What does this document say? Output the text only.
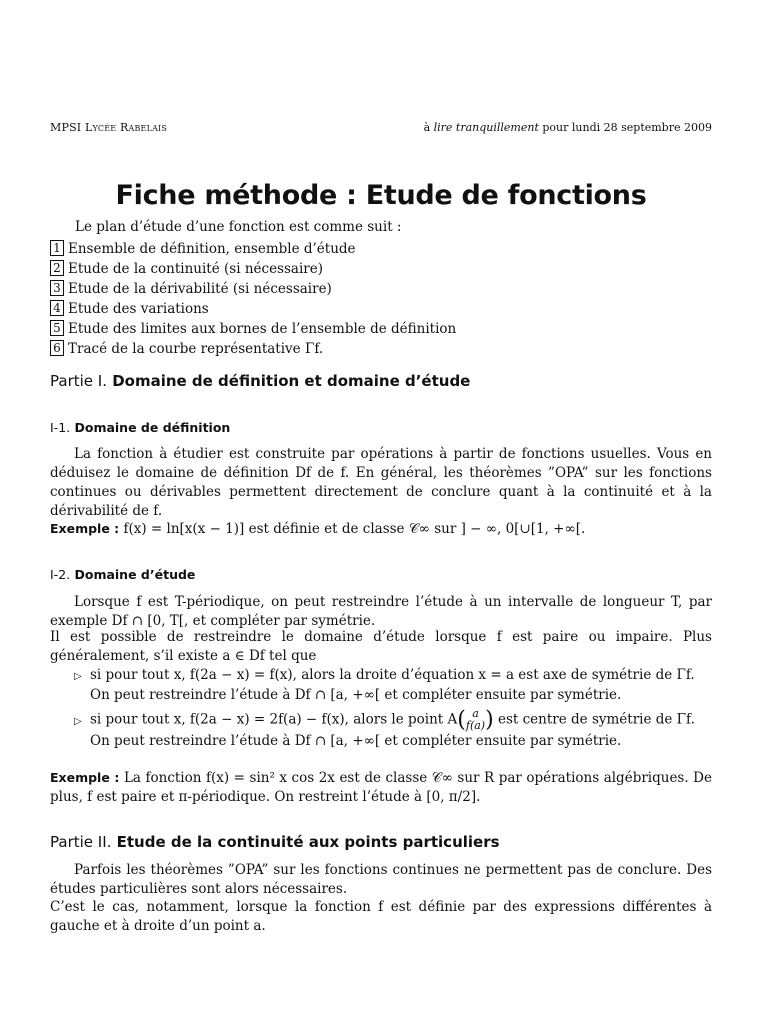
MPSI Lycée Rabelais	à lire tranquillement pour lundi 28 septembre 2009
Fiche méthode : Etude de fonctions
Le plan d’étude d’une fonction est comme suit :
1 Ensemble de définition, ensemble d’étude
2 Etude de la continuité (si nécessaire)
3 Etude de la dérivabilité (si nécessaire)
4 Etude des variations
5 Etude des limites aux bornes de l’ensemble de définition
6 Tracé de la courbe représentative Γf.
Partie I. Domaine de définition et domaine d’étude
I-1. Domaine de définition
La fonction à étudier est construite par opérations à partir de fonctions usuelles. Vous en déduisez le domaine de définition Df de f. En général, les théorèmes ”OPA” sur les fonctions continues ou dérivables permettent directement de conclure quant à la continuité et à la dérivabilité de f.
Exemple : f(x) = ln[x(x − 1)] est définie et de classe 𝒞∞ sur ] − ∞, 0[∪[1, +∞[.
I-2. Domaine d’étude
Lorsque f est T-périodique, on peut restreindre l’étude à un intervalle de longueur T, par exemple Df ∩ [0, T[, et compléter par symétrie.
Il est possible de restreindre le domaine d’étude lorsque f est paire ou impaire. Plus généralement, s’il existe a ∈ Df tel que
▷ si pour tout x, f(2a − x) = f(x), alors la droite d’équation x = a est axe de symétrie de Γf.
On peut restreindre l’étude à Df ∩ [a, +∞[ et compléter ensuite par symétrie.
▷ si pour tout x, f(2a − x) = 2f(a) − f(x), alors le point A( a
f(a)) est centre de symétrie de Γf.
On peut restreindre l’étude à Df ∩ [a, +∞[ et compléter ensuite par symétrie.
Exemple : La fonction f(x) = sin² x cos 2x est de classe 𝒞∞ sur R par opérations algébriques. De plus, f est paire et π-périodique. On restreint l’étude à [0, π/2].
Partie II. Etude de la continuité aux points particuliers
Parfois les théorèmes ”OPA” sur les fonctions continues ne permettent pas de conclure. Des études particulières sont alors nécessaires.
C’est le cas, notamment, lorsque la fonction f est définie par des expressions différentes à gauche et à droite d’un point a.
